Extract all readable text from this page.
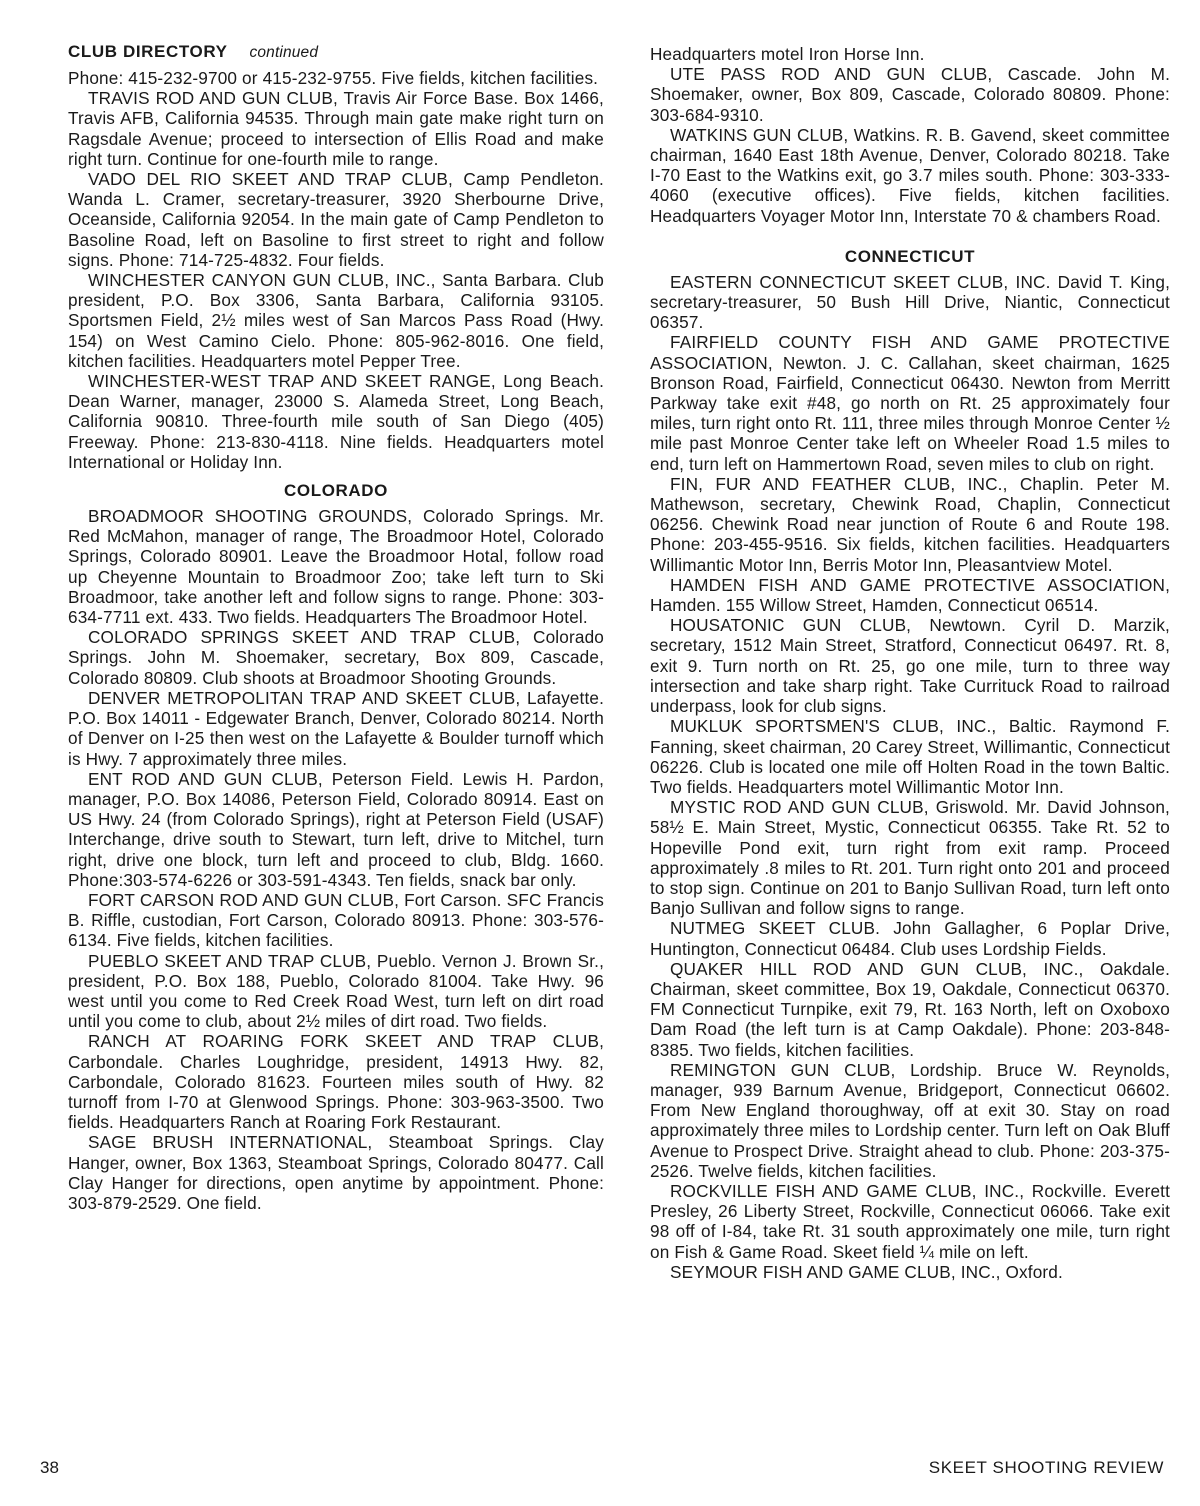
CLUB DIRECTORY continued

Phone: 415-232-9700 or 415-232-9755. Five fields, kitchen facilities.

TRAVIS ROD AND GUN CLUB, Travis Air Force Base. Box 1466, Travis AFB, California 94535. Through main gate make right turn on Ragsdale Avenue; proceed to intersection of Ellis Road and make right turn. Continue for one-fourth mile to range.

VADO DEL RIO SKEET AND TRAP CLUB, Camp Pendleton. Wanda L. Cramer, secretary-treasurer, 3920 Sherbourne Drive, Oceanside, California 92054. In the main gate of Camp Pendleton to Basoline Road, left on Basoline to first street to right and follow signs. Phone: 714-725-4832. Four fields.

WINCHESTER CANYON GUN CLUB, INC., Santa Barbara. Club president, P.O. Box 3306, Santa Barbara, California 93105. Sportsmen Field, 2½ miles west of San Marcos Pass Road (Hwy. 154) on West Camino Cielo. Phone: 805-962-8016. One field, kitchen facilities. Headquarters motel Pepper Tree.

WINCHESTER-WEST TRAP AND SKEET RANGE, Long Beach. Dean Warner, manager, 23000 S. Alameda Street, Long Beach, California 90810. Three-fourth mile south of San Diego (405) Freeway. Phone: 213-830-4118. Nine fields. Headquarters motel International or Holiday Inn.

COLORADO

BROADMOOR SHOOTING GROUNDS, Colorado Springs. Mr. Red McMahon, manager of range, The Broadmoor Hotel, Colorado Springs, Colorado 80901. Leave the Broadmoor Hotal, follow road up Cheyenne Mountain to Broadmoor Zoo; take left turn to Ski Broadmoor, take another left and follow signs to range. Phone: 303-634-7711 ext. 433. Two fields. Headquarters The Broadmoor Hotel.

COLORADO SPRINGS SKEET AND TRAP CLUB, Colorado Springs. John M. Shoemaker, secretary, Box 809, Cascade, Colorado 80809. Club shoots at Broadmoor Shooting Grounds.

DENVER METROPOLITAN TRAP AND SKEET CLUB, Lafayette. P.O. Box 14011 - Edgewater Branch, Denver, Colorado 80214. North of Denver on I-25 then west on the Lafayette & Boulder turnoff which is Hwy. 7 approximately three miles.

ENT ROD AND GUN CLUB, Peterson Field. Lewis H. Pardon, manager, P.O. Box 14086, Peterson Field, Colorado 80914. East on US Hwy. 24 (from Colorado Springs), right at Peterson Field (USAF) Interchange, drive south to Stewart, turn left, drive to Mitchel, turn right, drive one block, turn left and proceed to club, Bldg. 1660. Phone:303-574-6226 or 303-591-4343. Ten fields, snack bar only.

FORT CARSON ROD AND GUN CLUB, Fort Carson. SFC Francis B. Riffle, custodian, Fort Carson, Colorado 80913. Phone: 303-576-6134. Five fields, kitchen facilities.

PUEBLO SKEET AND TRAP CLUB, Pueblo. Vernon J. Brown Sr., president, P.O. Box 188, Pueblo, Colorado 81004. Take Hwy. 96 west until you come to Red Creek Road West, turn left on dirt road until you come to club, about 2½ miles of dirt road. Two fields.

RANCH AT ROARING FORK SKEET AND TRAP CLUB, Carbondale. Charles Loughridge, president, 14913 Hwy. 82, Carbondale, Colorado 81623. Fourteen miles south of Hwy. 82 turnoff from I-70 at Glenwood Springs. Phone: 303-963-3500. Two fields. Headquarters Ranch at Roaring Fork Restaurant.

SAGE BRUSH INTERNATIONAL, Steamboat Springs. Clay Hanger, owner, Box 1363, Steamboat Springs, Colorado 80477. Call Clay Hanger for directions, open anytime by appointment. Phone: 303-879-2529. One field.

Headquarters motel Iron Horse Inn.

UTE PASS ROD AND GUN CLUB, Cascade. John M. Shoemaker, owner, Box 809, Cascade, Colorado 80809. Phone: 303-684-9310.

WATKINS GUN CLUB, Watkins. R. B. Gavend, skeet committee chairman, 1640 East 18th Avenue, Denver, Colorado 80218. Take I-70 East to the Watkins exit, go 3.7 miles south. Phone: 303-333-4060 (executive offices). Five fields, kitchen facilities. Headquarters Voyager Motor Inn, Interstate 70 & chambers Road.

CONNECTICUT

EASTERN CONNECTICUT SKEET CLUB, INC. David T. King, secretary-treasurer, 50 Bush Hill Drive, Niantic, Connecticut 06357.

FAIRFIELD COUNTY FISH AND GAME PROTECTIVE ASSOCIATION, Newton. J. C. Callahan, skeet chairman, 1625 Bronson Road, Fairfield, Connecticut 06430. Newton from Merritt Parkway take exit #48, go north on Rt. 25 approximately four miles, turn right onto Rt. 111, three miles through Monroe Center ½ mile past Monroe Center take left on Wheeler Road 1.5 miles to end, turn left on Hammertown Road, seven miles to club on right.

FIN, FUR AND FEATHER CLUB, INC., Chaplin. Peter M. Mathewson, secretary, Chewink Road, Chaplin, Connecticut 06256. Chewink Road near junction of Route 6 and Route 198. Phone: 203-455-9516. Six fields, kitchen facilities. Headquarters Willimantic Motor Inn, Berris Motor Inn, Pleasantview Motel.

HAMDEN FISH AND GAME PROTECTIVE ASSOCIATION, Hamden. 155 Willow Street, Hamden, Connecticut 06514.

HOUSATONIC GUN CLUB, Newtown. Cyril D. Marzik, secretary, 1512 Main Street, Stratford, Connecticut 06497. Rt. 8, exit 9. Turn north on Rt. 25, go one mile, turn to three way intersection and take sharp right. Take Currituck Road to railroad underpass, look for club signs.

MUKLUK SPORTSMEN'S CLUB, INC., Baltic. Raymond F. Fanning, skeet chairman, 20 Carey Street, Willimantic, Connecticut 06226. Club is located one mile off Holten Road in the town Baltic. Two fields. Headquarters motel Willimantic Motor Inn.

MYSTIC ROD AND GUN CLUB, Griswold. Mr. David Johnson, 58½ E. Main Street, Mystic, Connecticut 06355. Take Rt. 52 to Hopeville Pond exit, turn right from exit ramp. Proceed approximately .8 miles to Rt. 201. Turn right onto 201 and proceed to stop sign. Continue on 201 to Banjo Sullivan Road, turn left onto Banjo Sullivan and follow signs to range.

NUTMEG SKEET CLUB. John Gallagher, 6 Poplar Drive, Huntington, Connecticut 06484. Club uses Lordship Fields.

QUAKER HILL ROD AND GUN CLUB, INC., Oakdale. Chairman, skeet committee, Box 19, Oakdale, Connecticut 06370. FM Connecticut Turnpike, exit 79, Rt. 163 North, left on Oxoboxo Dam Road (the left turn is at Camp Oakdale). Phone: 203-848-8385. Two fields, kitchen facilities.

REMINGTON GUN CLUB, Lordship. Bruce W. Reynolds, manager, 939 Barnum Avenue, Bridgeport, Connecticut 06602. From New England thoroughway, off at exit 30. Stay on road approximately three miles to Lordship center. Turn left on Oak Bluff Avenue to Prospect Drive. Straight ahead to club. Phone: 203-375-2526. Twelve fields, kitchen facilities.

ROCKVILLE FISH AND GAME CLUB, INC., Rockville. Everett Presley, 26 Liberty Street, Rockville, Connecticut 06066. Take exit 98 off of I-84, take Rt. 31 south approximately one mile, turn right on Fish & Game Road. Skeet field ¼ mile on left.

SEYMOUR FISH AND GAME CLUB, INC., Oxford.

38	SKEET SHOOTING REVIEW
